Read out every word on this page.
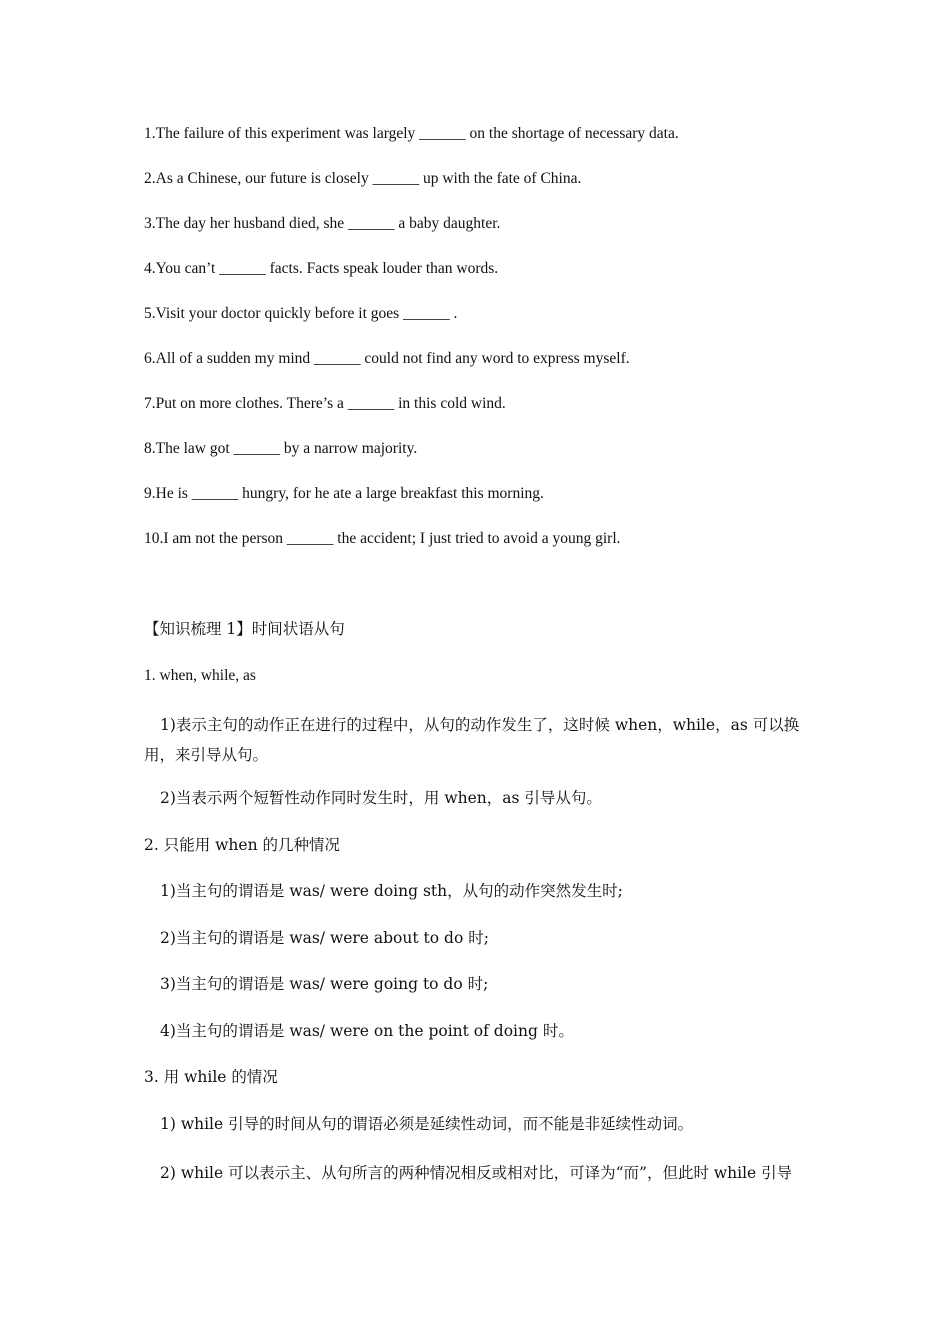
1.The failure of this experiment was largely ______ on the shortage of necessary data.
2.As a Chinese, our future is closely ______ up with the fate of China.
3.The day her husband died, she ______ a baby daughter.
4.You can’t ______ facts. Facts speak louder than words.
5.Visit your doctor quickly before it goes ______ .
6.All of a sudden my mind ______ could not find any word to express myself.
7.Put on more clothes. There’s a ______ in this cold wind.
8.The law got ______ by a narrow majority.
9.He is ______ hungry, for he ate a large breakfast this morning.
10.I am not the person ______ the accident; I just tried to avoid a young girl.
【知识梳理 1】时间状语从句
1. when, while, as
1)表示主句的动作正在进行的过程中，从句的动作发生了，这时候 when，while，as 可以换用，来引导从句。
2)当表示两个短暂性动作同时发生时，用 when，as 引导从句。
2. 只能用 when 的几种情况
1)当主句的谓语是 was/ were doing sth，从句的动作突然发生时;
2)当主句的谓语是 was/ were about to do 时;
3)当主句的谓语是 was/ were going to do 时;
4)当主句的谓语是 was/ were on the point of doing 时。
3. 用 while 的情况
1) while 引导的时间从句的谓语必须是延续性动词，而不能是非延续性动词。
2) while 可以表示主、从句所言的两种情况相反或相对比，可译为“而”，但此时 while 引导
